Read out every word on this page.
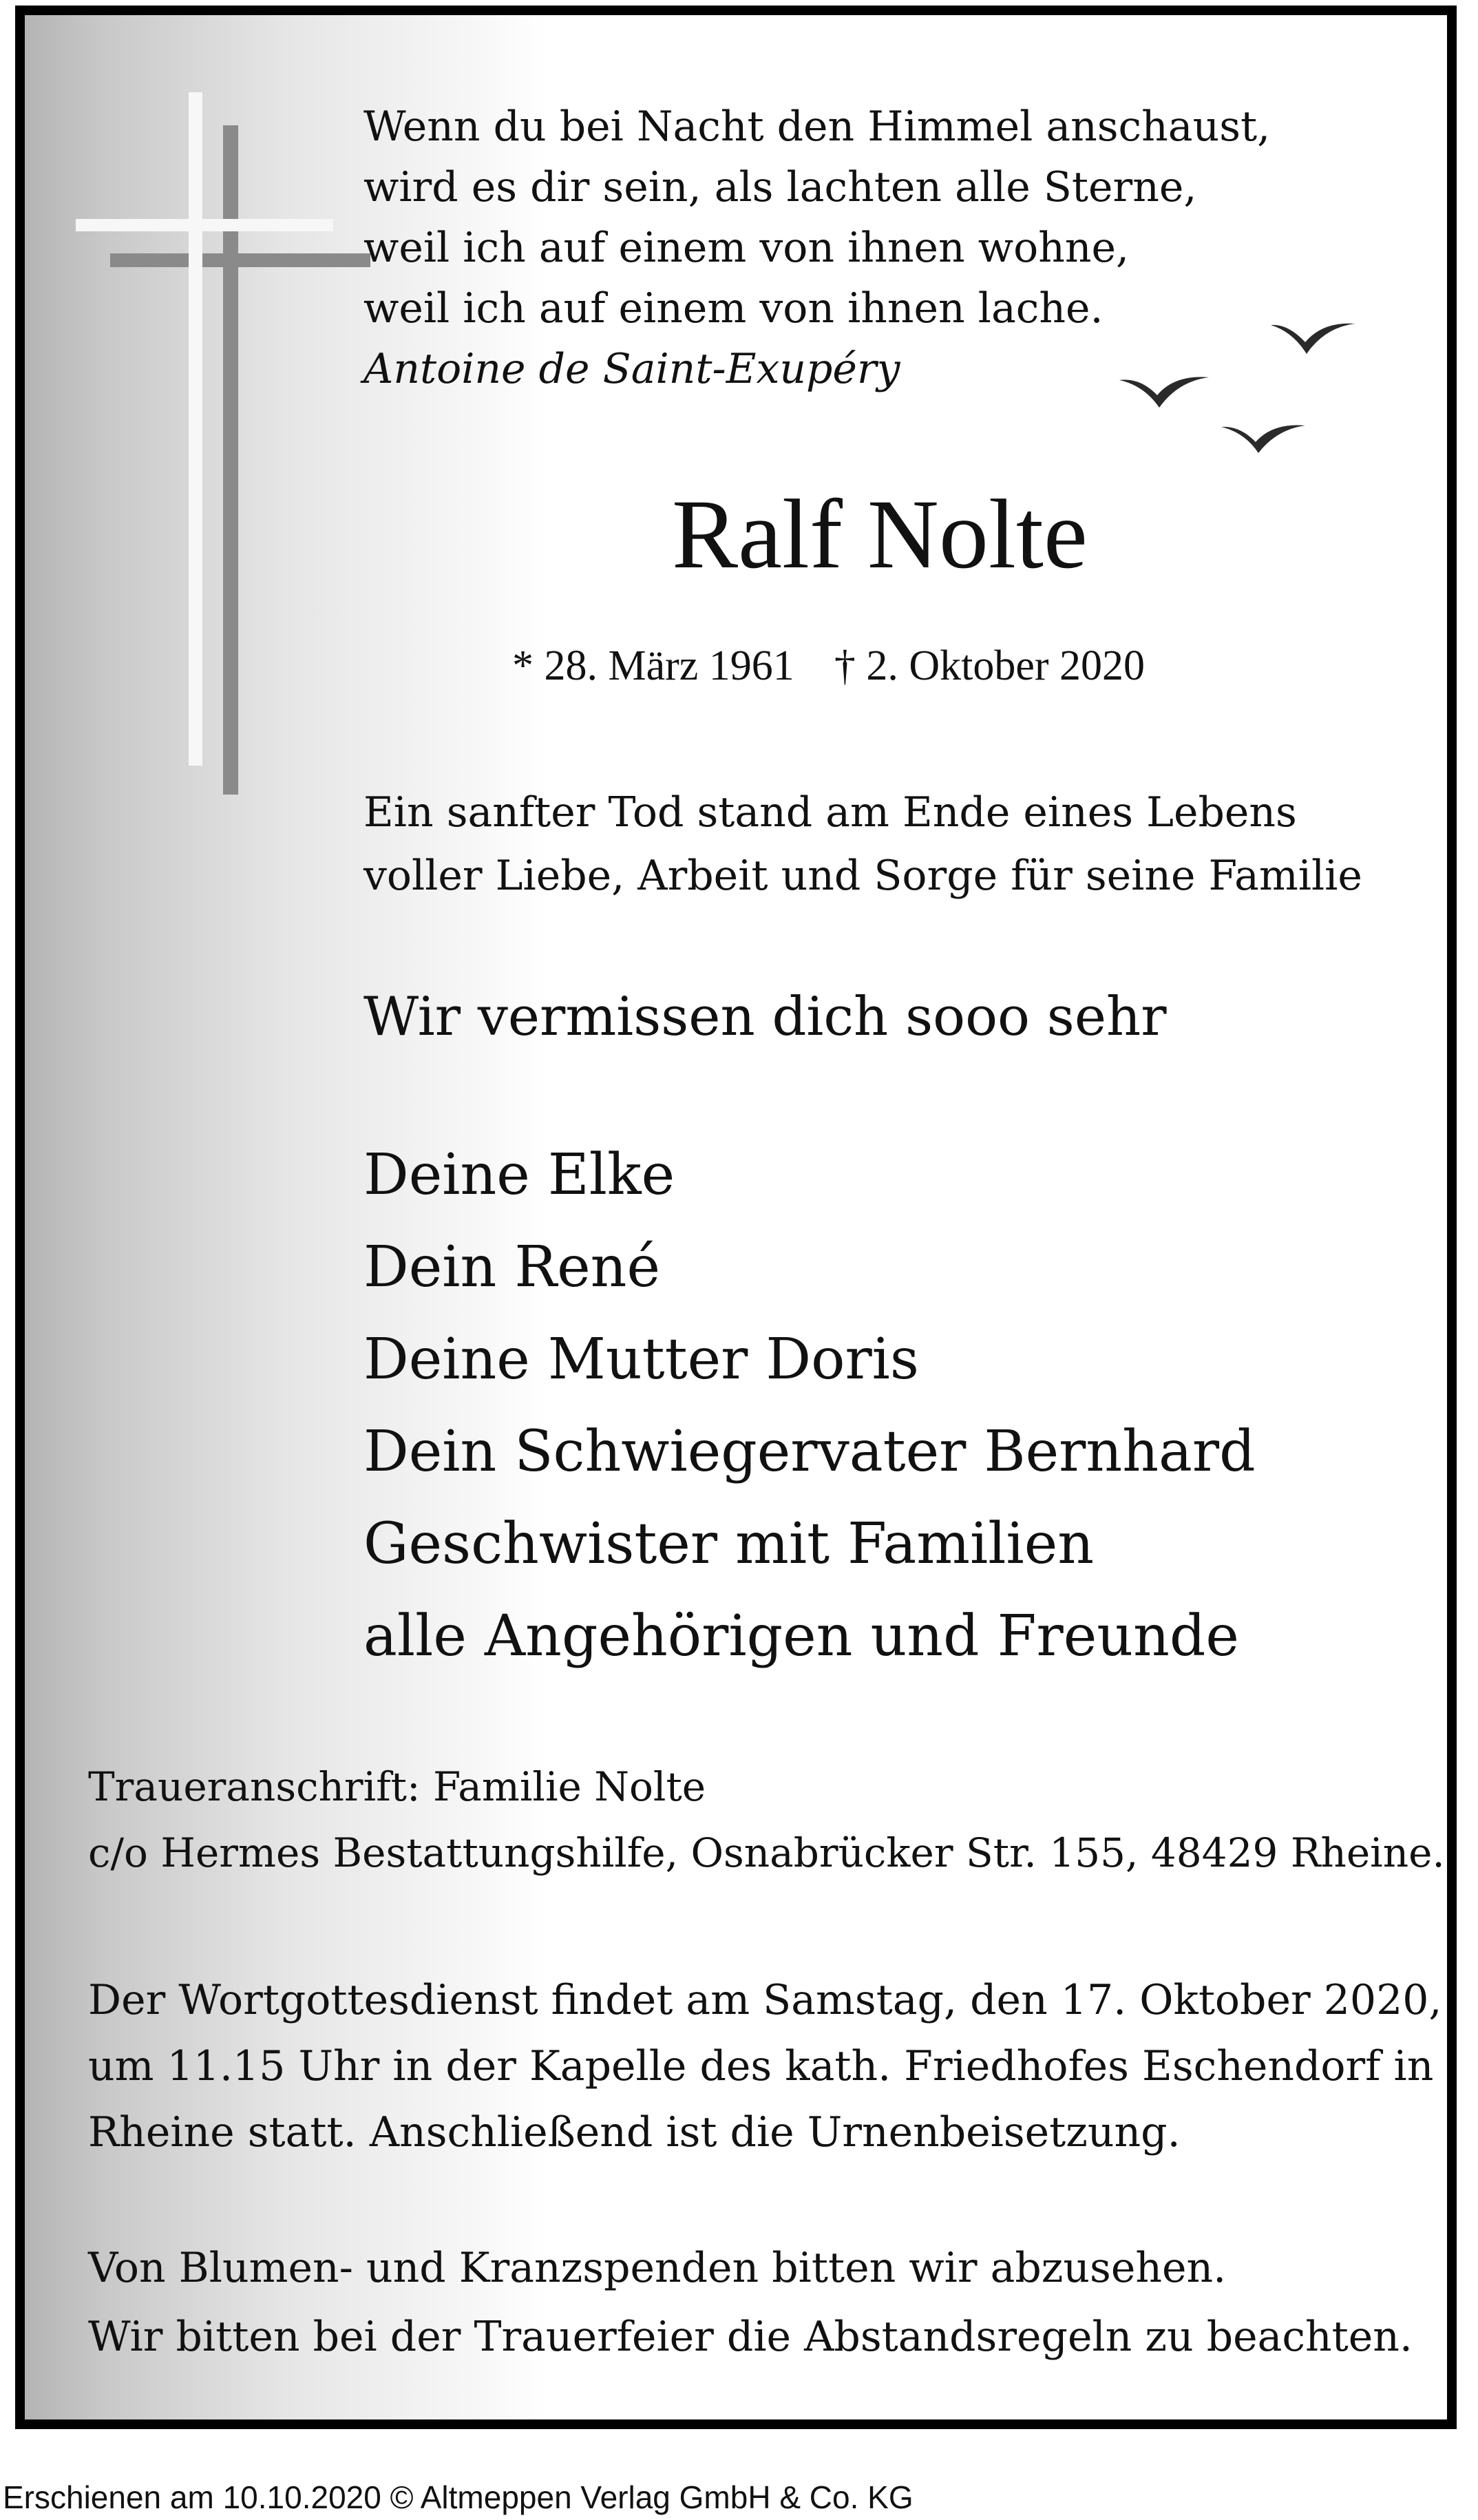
Wenn du bei Nacht den Himmel anschaust,
wird es dir sein, als lachten alle Sterne,
weil ich auf einem von ihnen wohne,
weil ich auf einem von ihnen lache.
Antoine de Saint-Exupéry
Ralf Nolte
* 28. März 1961 † 2. Oktober 2020
Ein sanfter Tod stand am Ende eines Lebens
voller Liebe, Arbeit und Sorge für seine Familie
Wir vermissen dich sooo sehr
Deine Elke
Dein René
Deine Mutter Doris
Dein Schwiegervater Bernhard
Geschwister mit Familien
alle Angehörigen und Freunde
Traueranschrift: Familie Nolte
c/o Hermes Bestattungshilfe, Osnabrücker Str. 155, 48429 Rheine.
Der Wortgottesdienst findet am Samstag, den 17. Oktober 2020,
um 11.15 Uhr in der Kapelle des kath. Friedhofes Eschendorf in
Rheine statt. Anschließend ist die Urnenbeisetzung.
Von Blumen- und Kranzspenden bitten wir abzusehen.
Wir bitten bei der Trauerfeier die Abstandsregeln zu beachten.
Erschienen am 10.10.2020 © Altmeppen Verlag GmbH & Co. KG
